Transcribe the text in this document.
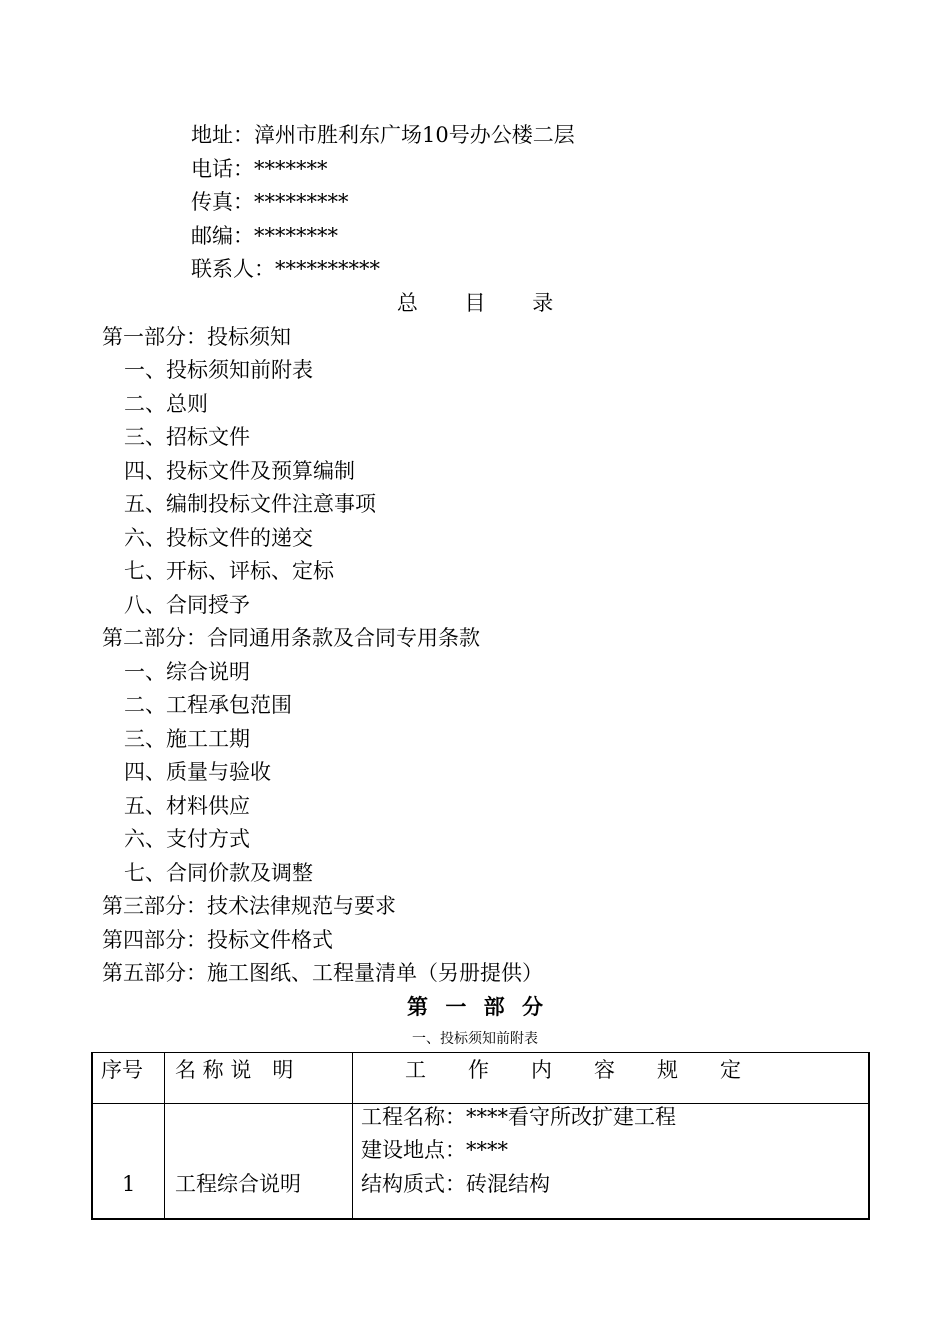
地址：漳州市胜利东广场10号办公楼二层
电话：*******
传真：*********
邮编：********
联系人：**********
总 目 录
第一部分：投标须知
一、投标须知前附表
二、总则
三、招标文件
四、投标文件及预算编制
五、编制投标文件注意事项
六、投标文件的递交
七、开标、评标、定标
八、合同授予
第二部分：合同通用条款及合同专用条款
一、综合说明
二、工程承包范围
三、施工工期
四、质量与验收
五、材料供应
六、支付方式
七、合同价款及调整
第三部分：技术法律规范与要求
第四部分：投标文件格式
第五部分：施工图纸、工程量清单（另册提供）
第 一 部 分
一、投标须知前附表
序号 名 称 说　明	工　　作　　内　　容　　规　　定
1 工程综合说明
工程名称：****看守所改扩建工程
建设地点：****
结构质式：砖混结构
